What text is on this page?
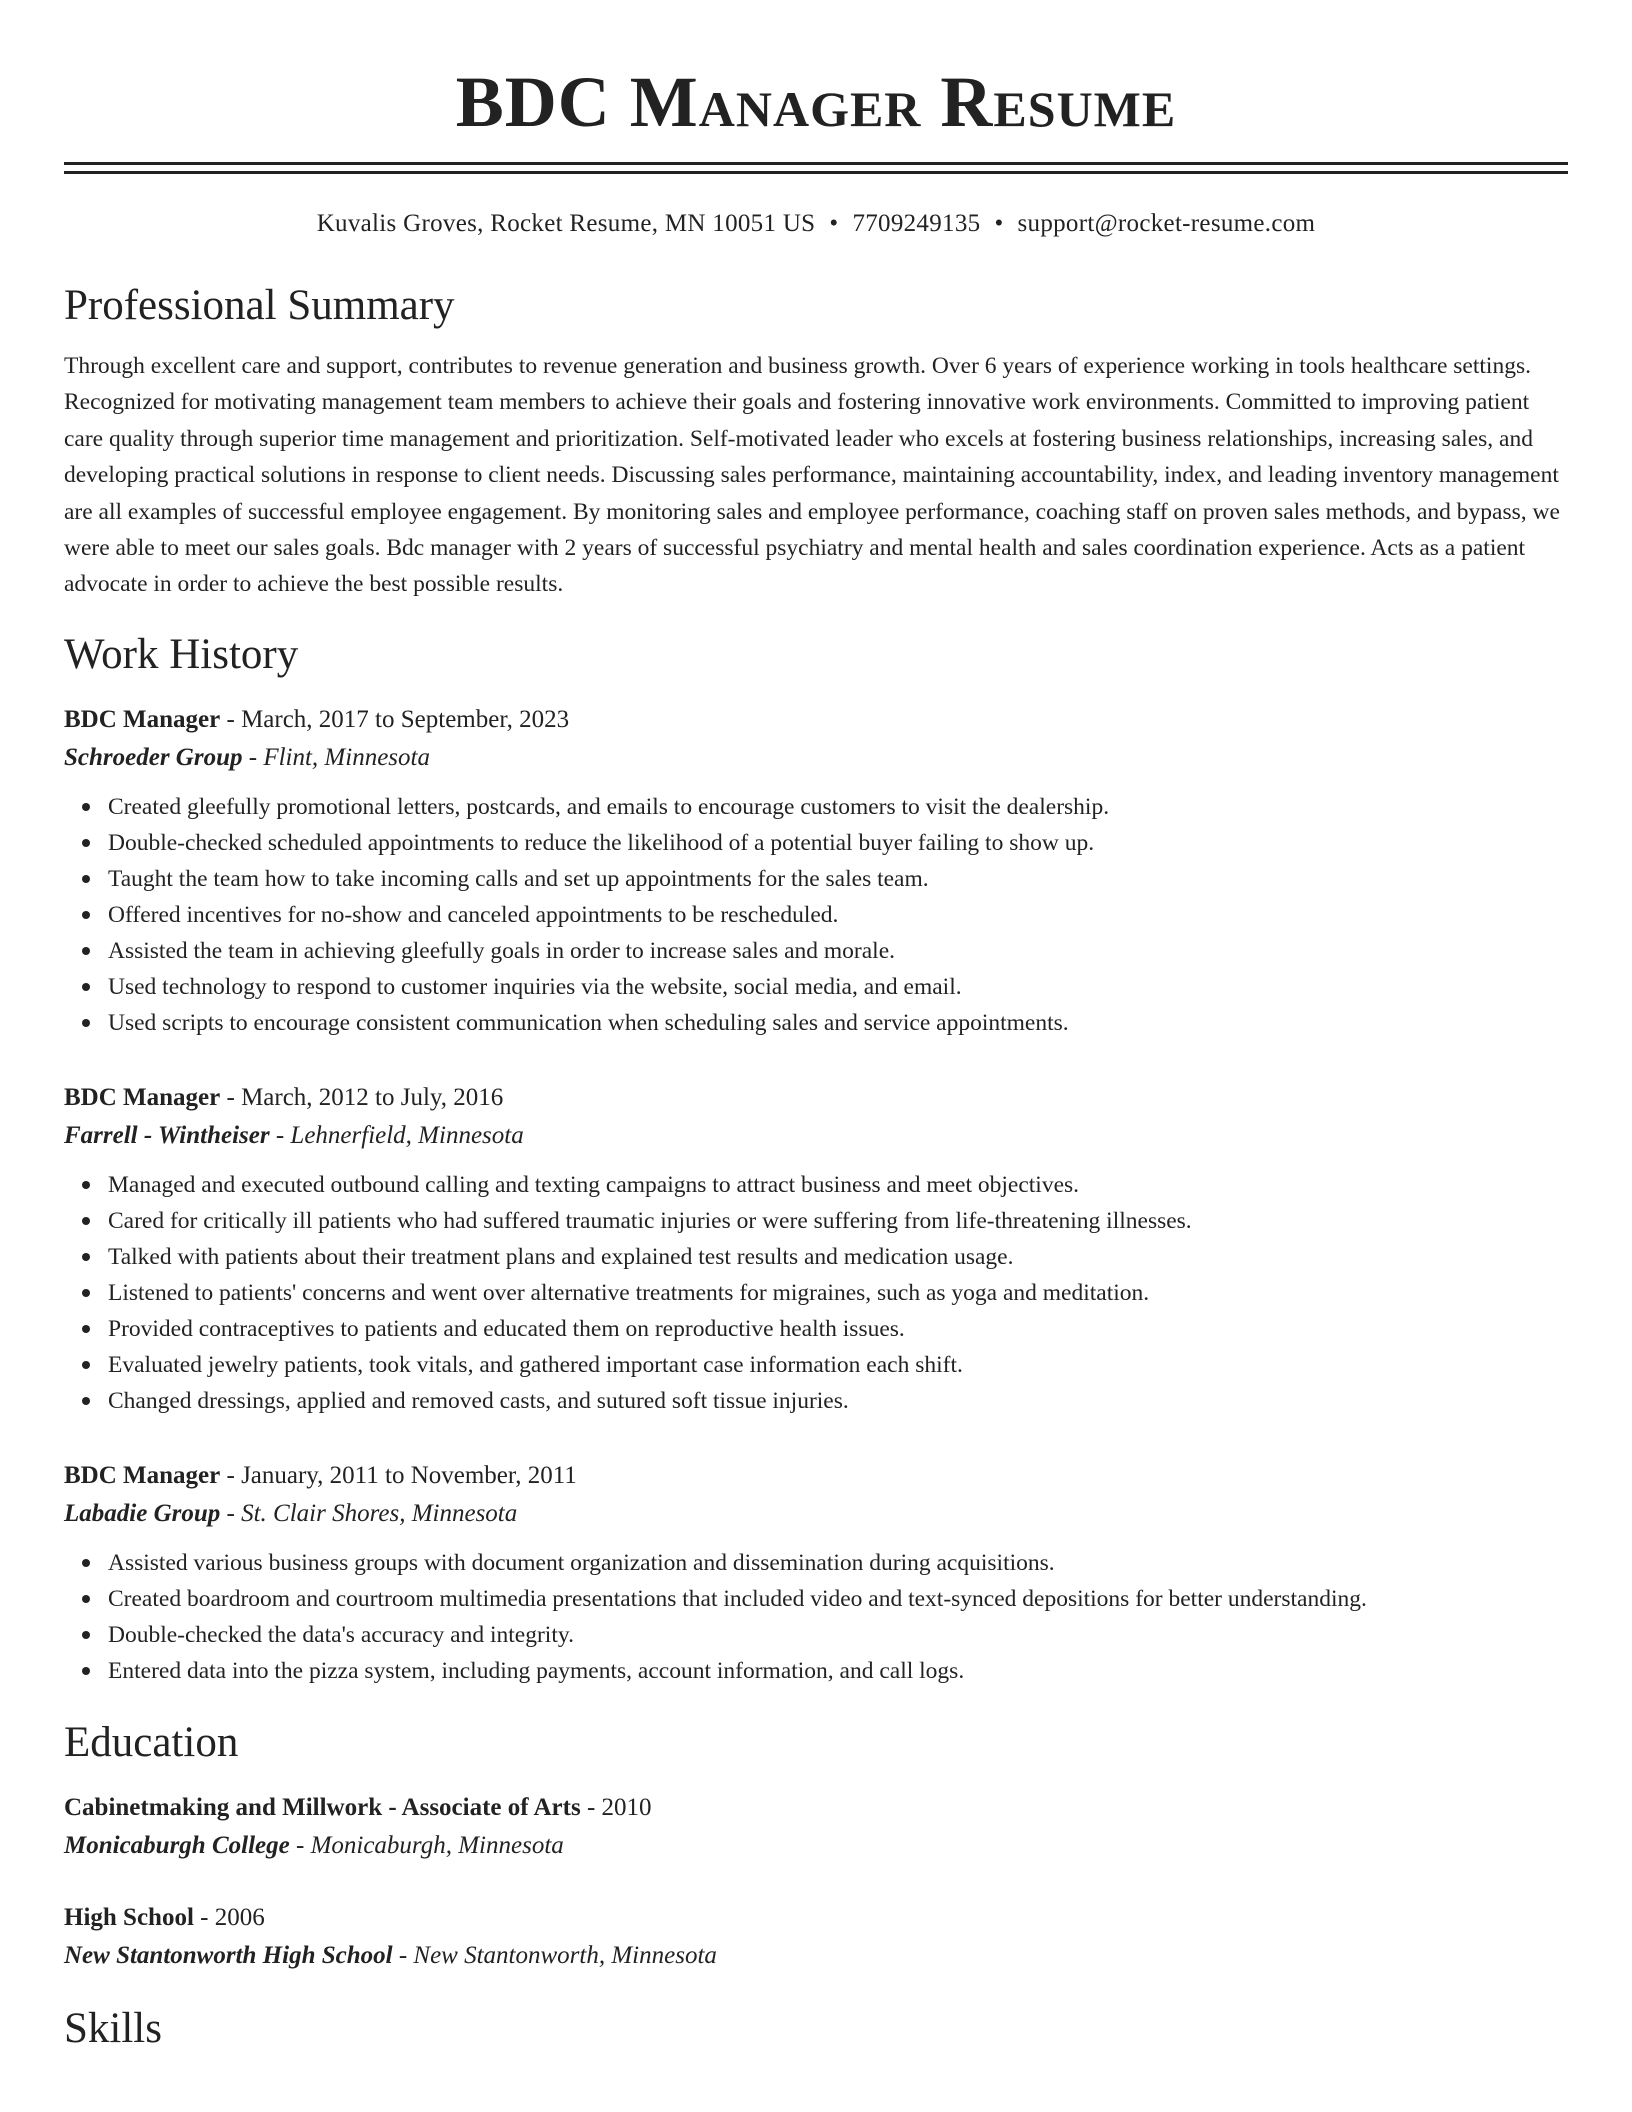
BDC Manager Resume
Kuvalis Groves, Rocket Resume, MN 10051 US • 7709249135 • support@rocket-resume.com
Professional Summary

Through excellent care and support, contributes to revenue generation and business growth. Over 6 years of experience working in tools healthcare settings. Recognized for motivating management team members to achieve their goals and fostering innovative work environments. Committed to improving patient care quality through superior time management and prioritization. Self-motivated leader who excels at fostering business relationships, increasing sales, and developing practical solutions in response to client needs. Discussing sales performance, maintaining accountability, index, and leading inventory management are all examples of successful employee engagement. By monitoring sales and employee performance, coaching staff on proven sales methods, and bypass, we were able to meet our sales goals. Bdc manager with 2 years of successful psychiatry and mental health and sales coordination experience. Acts as a patient advocate in order to achieve the best possible results.

Work History
BDC Manager - March, 2017 to September, 2023
Schroeder Group - Flint, Minnesota
Created gleefully promotional letters, postcards, and emails to encourage customers to visit the dealership.
Double-checked scheduled appointments to reduce the likelihood of a potential buyer failing to show up.
Taught the team how to take incoming calls and set up appointments for the sales team.
Offered incentives for no-show and canceled appointments to be rescheduled.
Assisted the team in achieving gleefully goals in order to increase sales and morale.
Used technology to respond to customer inquiries via the website, social media, and email.
Used scripts to encourage consistent communication when scheduling sales and service appointments.
BDC Manager - March, 2012 to July, 2016
Farrell - Wintheiser - Lehnerfield, Minnesota
Managed and executed outbound calling and texting campaigns to attract business and meet objectives.
Cared for critically ill patients who had suffered traumatic injuries or were suffering from life-threatening illnesses.
Talked with patients about their treatment plans and explained test results and medication usage.
Listened to patients' concerns and went over alternative treatments for migraines, such as yoga and meditation.
Provided contraceptives to patients and educated them on reproductive health issues.
Evaluated jewelry patients, took vitals, and gathered important case information each shift.
Changed dressings, applied and removed casts, and sutured soft tissue injuries.
BDC Manager - January, 2011 to November, 2011
Labadie Group - St. Clair Shores, Minnesota
Assisted various business groups with document organization and dissemination during acquisitions.
Created boardroom and courtroom multimedia presentations that included video and text-synced depositions for better understanding.
Double-checked the data's accuracy and integrity.
Entered data into the pizza system, including payments, account information, and call logs.
Education
Cabinetmaking and Millwork - Associate of Arts - 2010
Monicaburgh College - Monicaburgh, Minnesota
High School - 2006
New Stantonworth High School - New Stantonworth, Minnesota
Skills
